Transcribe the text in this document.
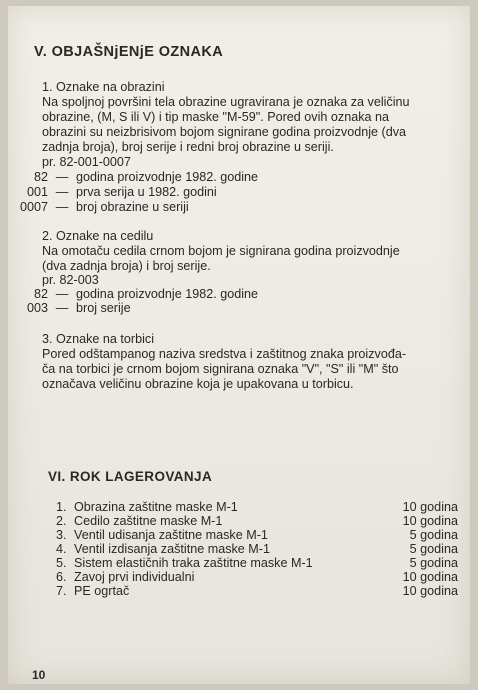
V. OBJAŠNjENjE OZNAKA
1. Oznake na obrazini
Na spoljnoj površini tela obrazine ugravirana je oznaka za veličinu
obrazine, (M, S ili V) i tip maske "M-59". Pored ovih oznaka na
obrazini su neizbrisivom bojom signirane godina proizvodnje (dva
zadnja broja), broj serije i redni broj obrazine u seriji.
pr. 82-001-0007
82 — godina proizvodnje 1982. godine
001 — prva serija u 1982. godini
0007 — broj obrazine u seriji
2. Oznake na cedilu
Na omotaču cedila crnom bojom je signirana godina proizvodnje
(dva zadnja broja) i broj serije.
pr. 82-003
82 — godina proizvodnje 1982. godine
003 — broj serije
3. Oznake na torbici
Pored odštampanog naziva sredstva i zaštitnog znaka proizvođa-
ča na torbici je crnom bojom signirana oznaka "V", "S" ili "M" što
označava veličinu obrazine koja je upakovana u torbicu.
VI. ROK LAGEROVANJA
1. Obrazina zaštitne maske M-1	10 godina
2. Cedilo zaštitne maske M-1	10 godina
3. Ventil udisanja zaštitne maske M-1	5 godina
4. Ventil izdisanja zaštitne maske M-1	5 godina
5. Sistem elastičnih traka zaštitne maske M-1	5 godina
6. Zavoj prvi individualni	10 godina
7. PE ogrtač	10 godina
10
